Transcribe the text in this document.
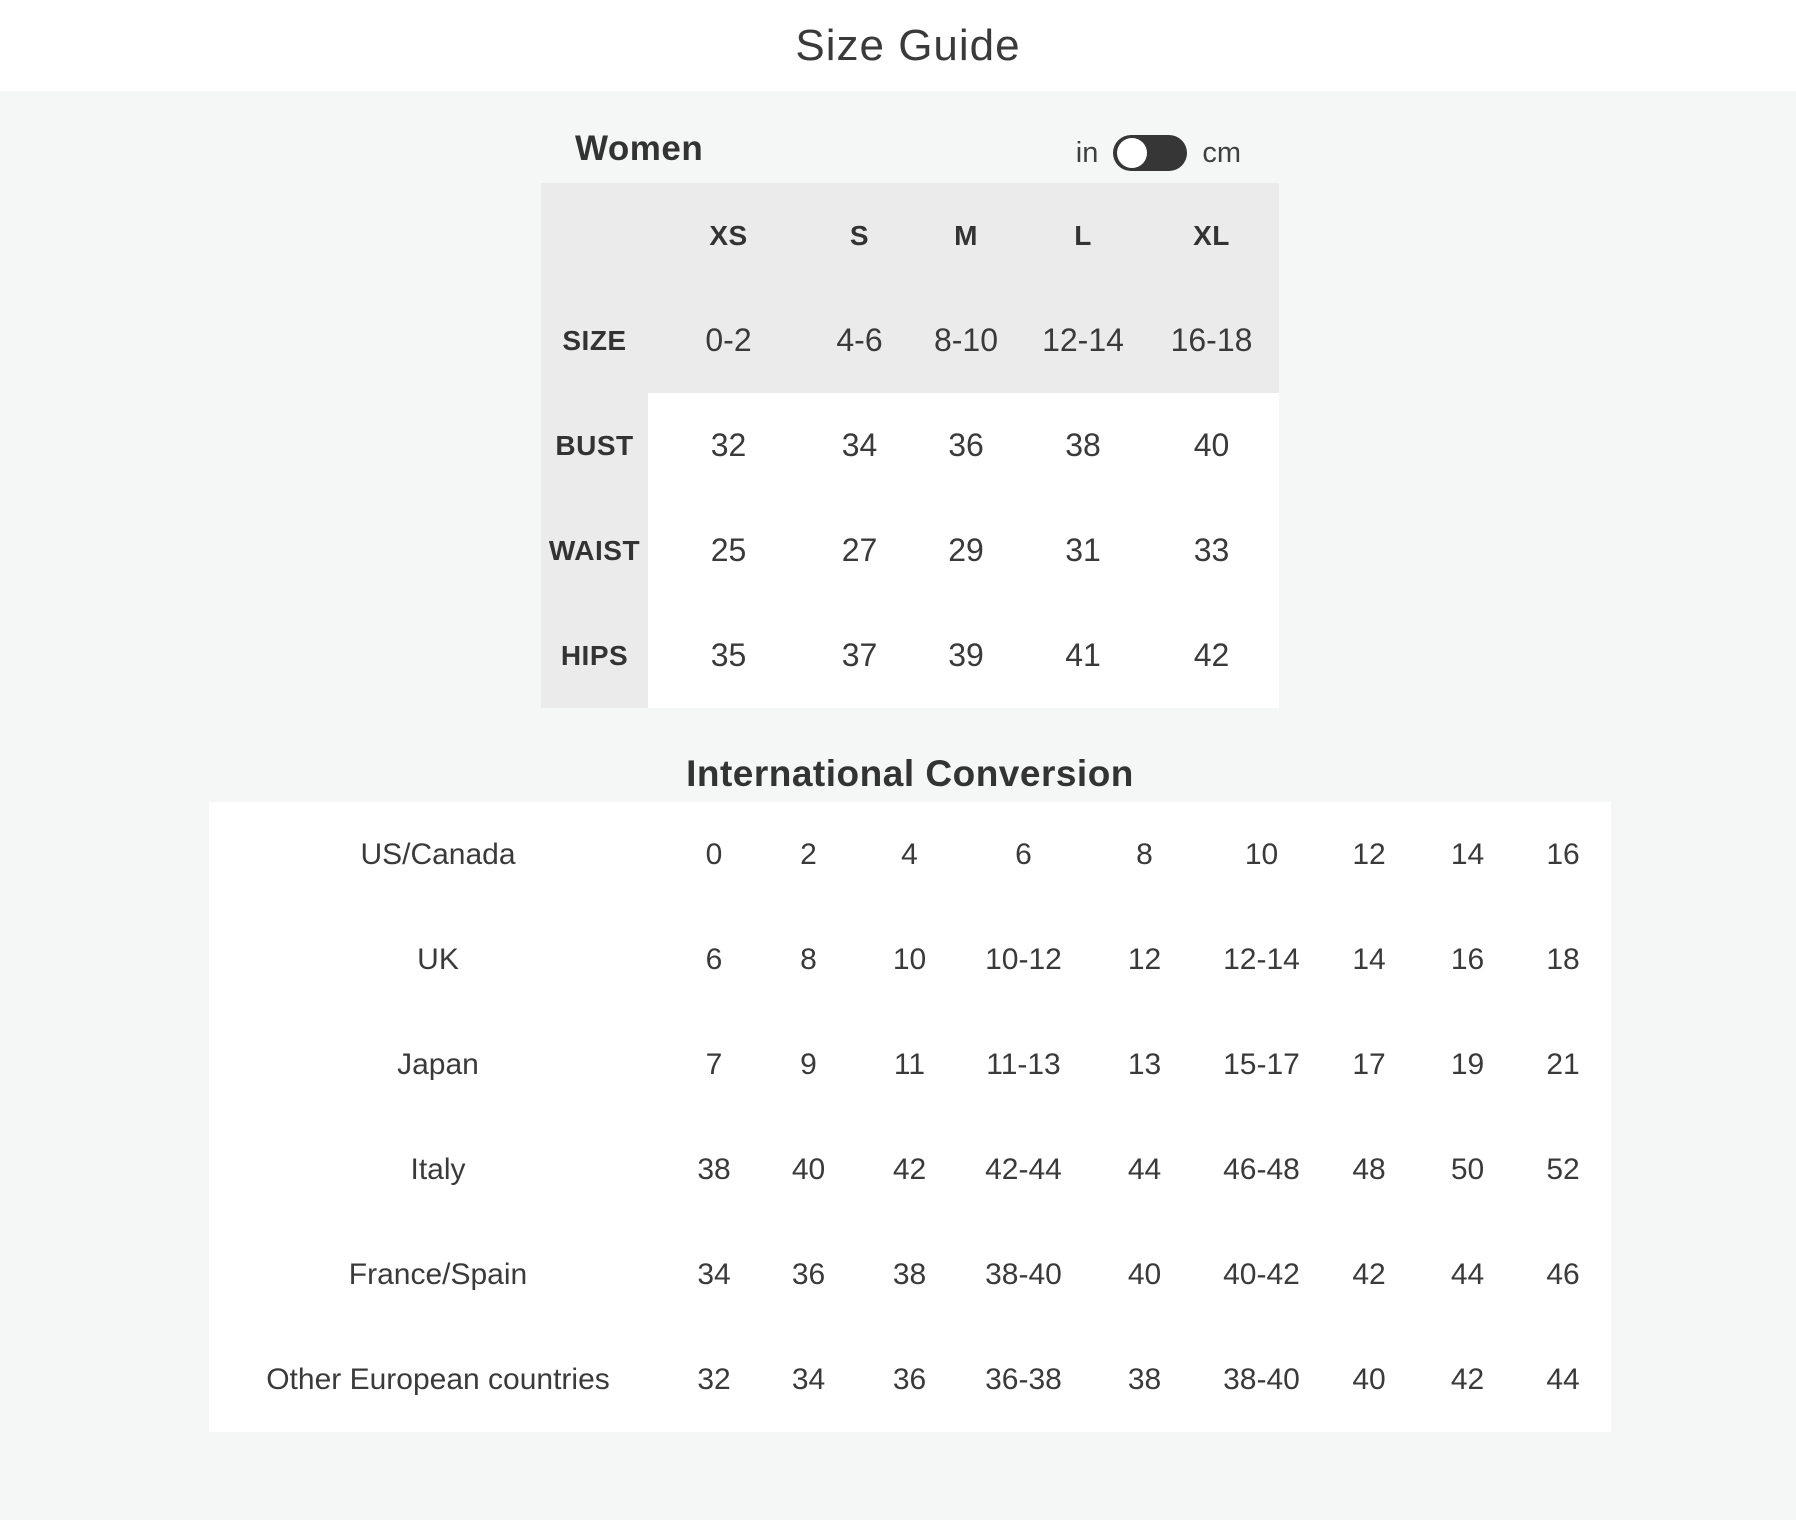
Size Guide
Women	in	cm
	XS	S	M	L	XL
SIZE	0-2	4-6	8-10	12-14	16-18
BUST	32	34	36	38	40
WAIST	25	27	29	31	33
HIPS	35	37	39	41	42
International Conversion
US/Canada	0	2	4	6	8	10	12	14	16
UK	6	8	10	10-12	12	12-14	14	16	18
Japan	7	9	11	11-13	13	15-17	17	19	21
Italy	38	40	42	42-44	44	46-48	48	50	52
France/Spain	34	36	38	38-40	40	40-42	42	44	46
Other European countries	32	34	36	36-38	38	38-40	40	42	44
